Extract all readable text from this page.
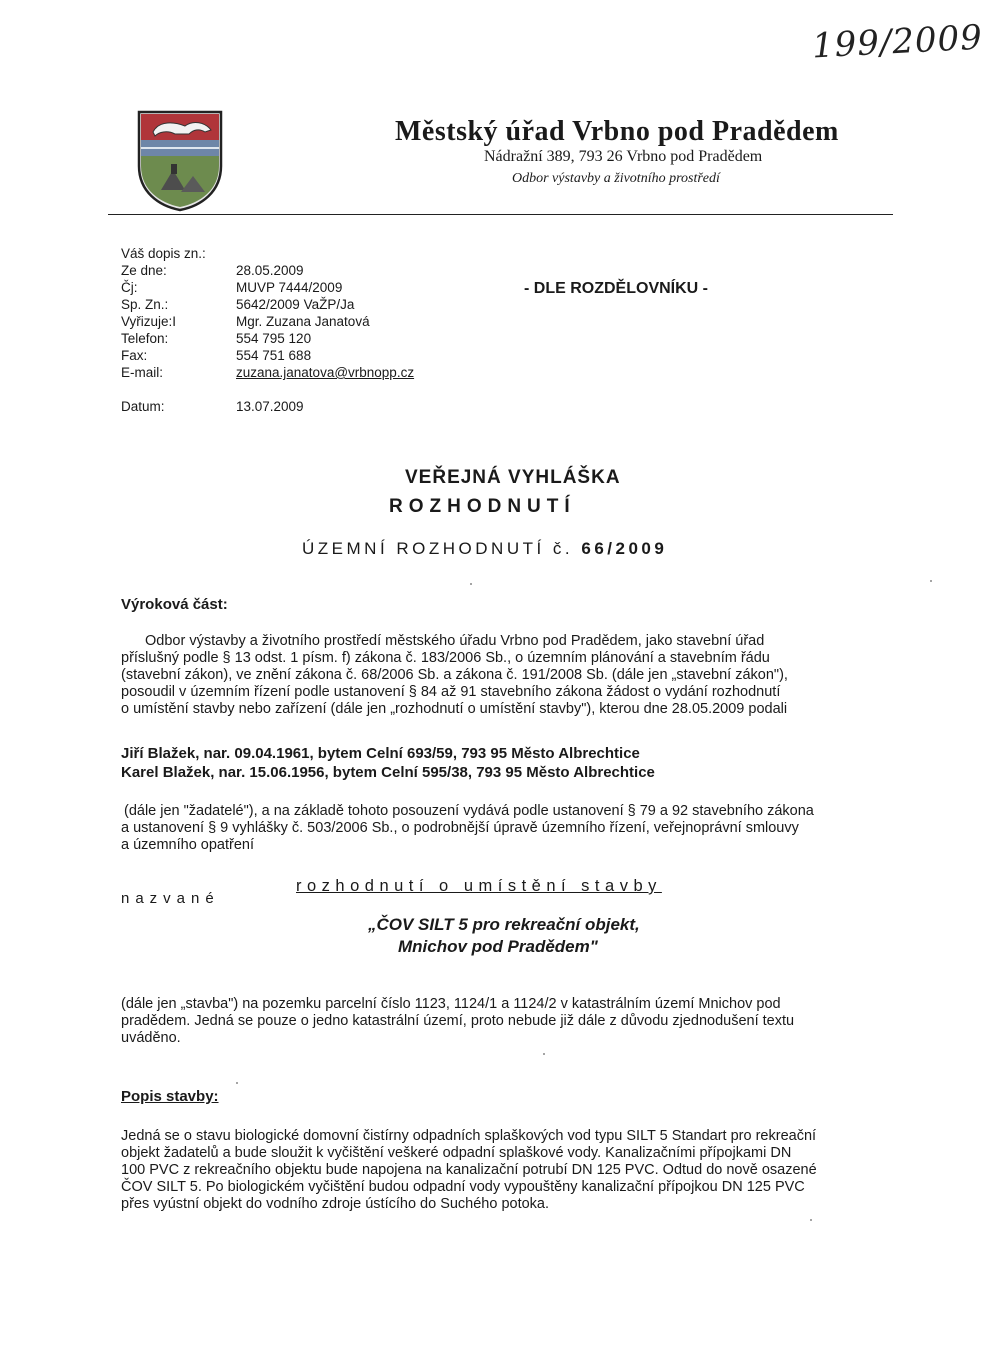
199/2009
Městský úřad Vrbno pod Pradědem
Nádražní 389, 793 26 Vrbno pod Pradědem
Odbor výstavby a životního prostředí
Váš dopis zn.:
Ze dne:	28.05.2009
Čj:	MUVP 7444/2009
Sp. Zn.:	5642/2009 VaŽP/Ja
Vyřizuje:I	Mgr. Zuzana Janatová
Telefon:	554 795 120
Fax:	554 751 688
E-mail:	zuzana.janatova@vrbnopp.cz
Datum:	13.07.2009
- DLE ROZDĚLOVNÍKU -
VEŘEJNÁ VYHLÁŠKA
ROZHODNUTÍ
ÚZEMNÍ ROZHODNUTÍ č. 66/2009
Výroková část:
Odbor výstavby a životního prostředí městského úřadu Vrbno pod Pradědem, jako stavební úřad
příslušný podle § 13 odst. 1 písm. f) zákona č. 183/2006 Sb., o územním plánování a stavebním řádu
(stavební zákon), ve znění zákona č. 68/2006 Sb. a zákona č. 191/2008 Sb. (dále jen „stavební zákon"),
posoudil v územním řízení podle ustanovení § 84 až 91 stavebního zákona žádost o vydání rozhodnutí
o umístění stavby nebo zařízení (dále jen „rozhodnutí o umístění stavby"), kterou dne 28.05.2009 podali
Jiří Blažek, nar. 09.04.1961, bytem Celní 693/59, 793 95 Město Albrechtice
Karel Blažek, nar. 15.06.1956, bytem Celní 595/38, 793 95 Město Albrechtice
(dále jen "žadatelé"), a na základě tohoto posouzení vydává podle ustanovení § 79 a 92 stavebního zákona
a ustanovení § 9 vyhlášky č. 503/2006 Sb., o podrobnější úpravě územního řízení, veřejnoprávní smlouvy
a územního opatření
nazvané
rozhodnutí o umístění stavby
„ČOV SILT 5 pro rekreační objekt,
Mnichov pod Pradědem"
(dále jen „stavba") na pozemku parcelní číslo 1123, 1124/1 a 1124/2 v katastrálním území Mnichov pod
pradědem. Jedná se pouze o jedno katastrální území, proto nebude již dále z důvodu zjednodušení textu
uváděno.
Popis stavby:
Jedná se o stavu biologické domovní čistírny odpadních splaškových vod typu SILT 5 Standart pro rekreační
objekt žadatelů a bude sloužit k vyčištění veškeré odpadní splaškové vody. Kanalizačními přípojkami DN
100 PVC z rekreačního objektu bude napojena na kanalizační potrubí DN 125 PVC. Odtud do nově osazené
ČOV SILT 5. Po biologickém vyčištění budou odpadní vody vypouštěny kanalizační přípojkou DN 125 PVC
přes vyústní objekt do vodního zdroje ústícího do Suchého potoka.
